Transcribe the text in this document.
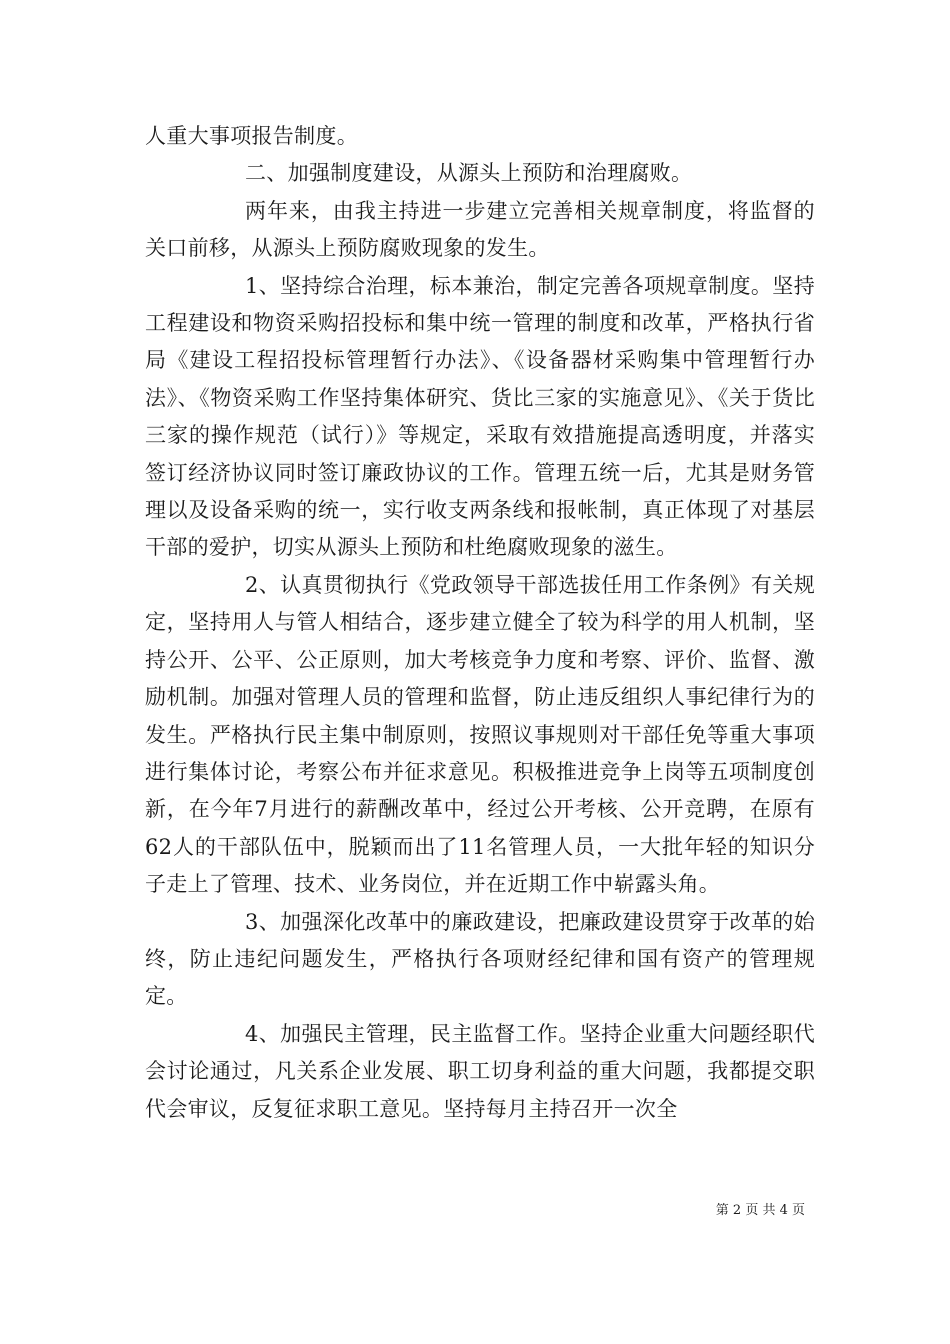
人重大事项报告制度。

二、加强制度建设，从源头上预防和治理腐败。

两年来，由我主持进一步建立完善相关规章制度，将监督的关口前移，从源头上预防腐败现象的发生。

1、坚持综合治理，标本兼治，制定完善各项规章制度。坚持工程建设和物资采购招投标和集中统一管理的制度和改革，严格执行省局《建设工程招投标管理暂行办法》、《设备器材采购集中管理暂行办法》、《物资采购工作坚持集体研究、货比三家的实施意见》、《关于货比三家的操作规范（试行）》等规定，采取有效措施提高透明度，并落实签订经济协议同时签订廉政协议的工作。管理五统一后，尤其是财务管理以及设备采购的统一，实行收支两条线和报帐制，真正体现了对基层干部的爱护，切实从源头上预防和杜绝腐败现象的滋生。

2、认真贯彻执行《党政领导干部选拔任用工作条例》有关规定，坚持用人与管人相结合，逐步建立健全了较为科学的用人机制，坚持公开、公平、公正原则，加大考核竞争力度和考察、评价、监督、激励机制。加强对管理人员的管理和监督，防止违反组织人事纪律行为的发生。严格执行民主集中制原则，按照议事规则对干部任免等重大事项进行集体讨论，考察公布并征求意见。积极推进竞争上岗等五项制度创新，在今年7月进行的薪酬改革中，经过公开考核、公开竞聘，在原有62人的干部队伍中，脱颖而出了11名管理人员，一大批年轻的知识分子走上了管理、技术、业务岗位，并在近期工作中崭露头角。

3、加强深化改革中的廉政建设，把廉政建设贯穿于改革的始终，防止违纪问题发生，严格执行各项财经纪律和国有资产的管理规定。

4、加强民主管理，民主监督工作。坚持企业重大问题经职代会讨论通过，凡关系企业发展、职工切身利益的重大问题，我都提交职代会审议，反复征求职工意见。坚持每月主持召开一次全

第 2 页 共 4 页
